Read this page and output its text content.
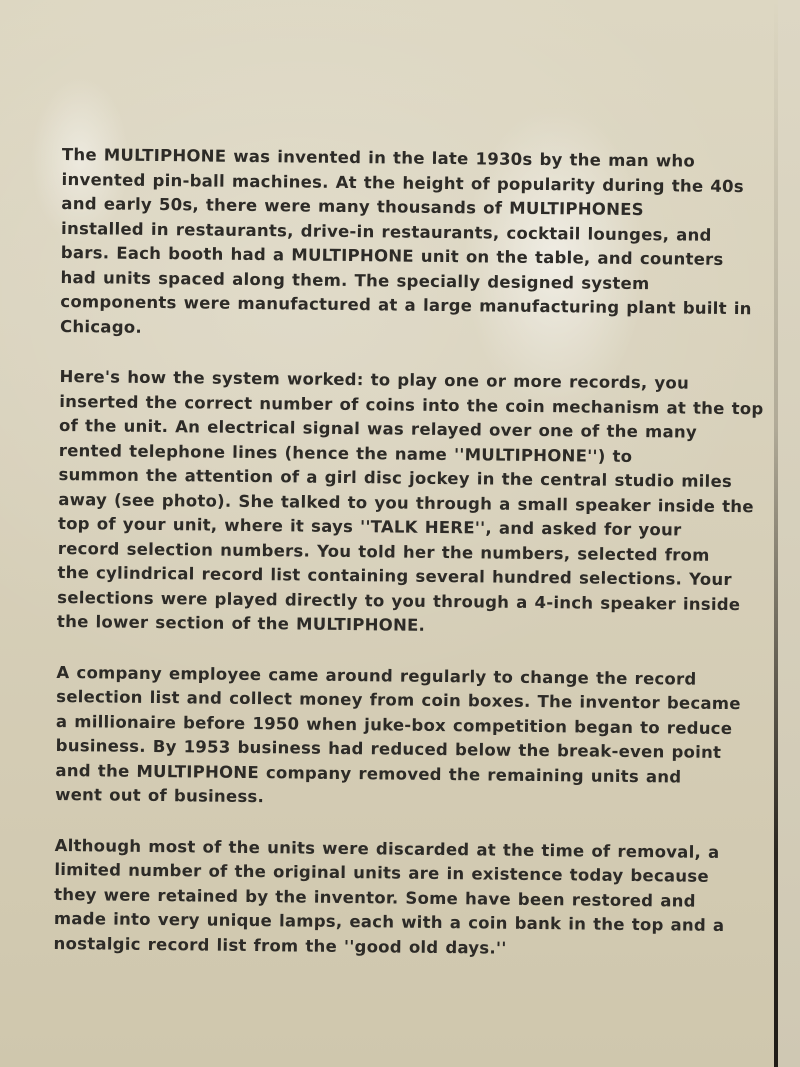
The MULTIPHONE was invented in the late 1930s by the man who
invented pin-ball machines. At the height of popularity during the 40s
and early 50s, there were many thousands of MULTIPHONES
installed in restaurants, drive-in restaurants, cocktail lounges, and
bars. Each booth had a MULTIPHONE unit on the table, and counters
had units spaced along them. The specially designed system
components were manufactured at a large manufacturing plant built in
Chicago.

Here's how the system worked: to play one or more records, you
inserted the correct number of coins into the coin mechanism at the top
of the unit. An electrical signal was relayed over one of the many
rented telephone lines (hence the name ''MULTIPHONE'') to
summon the attention of a girl disc jockey in the central studio miles
away (see photo). She talked to you through a small speaker inside the
top of your unit, where it says ''TALK HERE'', and asked for your
record selection numbers. You told her the numbers, selected from
the cylindrical record list containing several hundred selections. Your
selections were played directly to you through a 4-inch speaker inside
the lower section of the MULTIPHONE.

A company employee came around regularly to change the record
selection list and collect money from coin boxes. The inventor became
a millionaire before 1950 when juke-box competition began to reduce
business. By 1953 business had reduced below the break-even point
and the MULTIPHONE company removed the remaining units and
went out of business.

Although most of the units were discarded at the time of removal, a
limited number of the original units are in existence today because
they were retained by the inventor. Some have been restored and
made into very unique lamps, each with a coin bank in the top and a
nostalgic record list from the ''good old days.''
